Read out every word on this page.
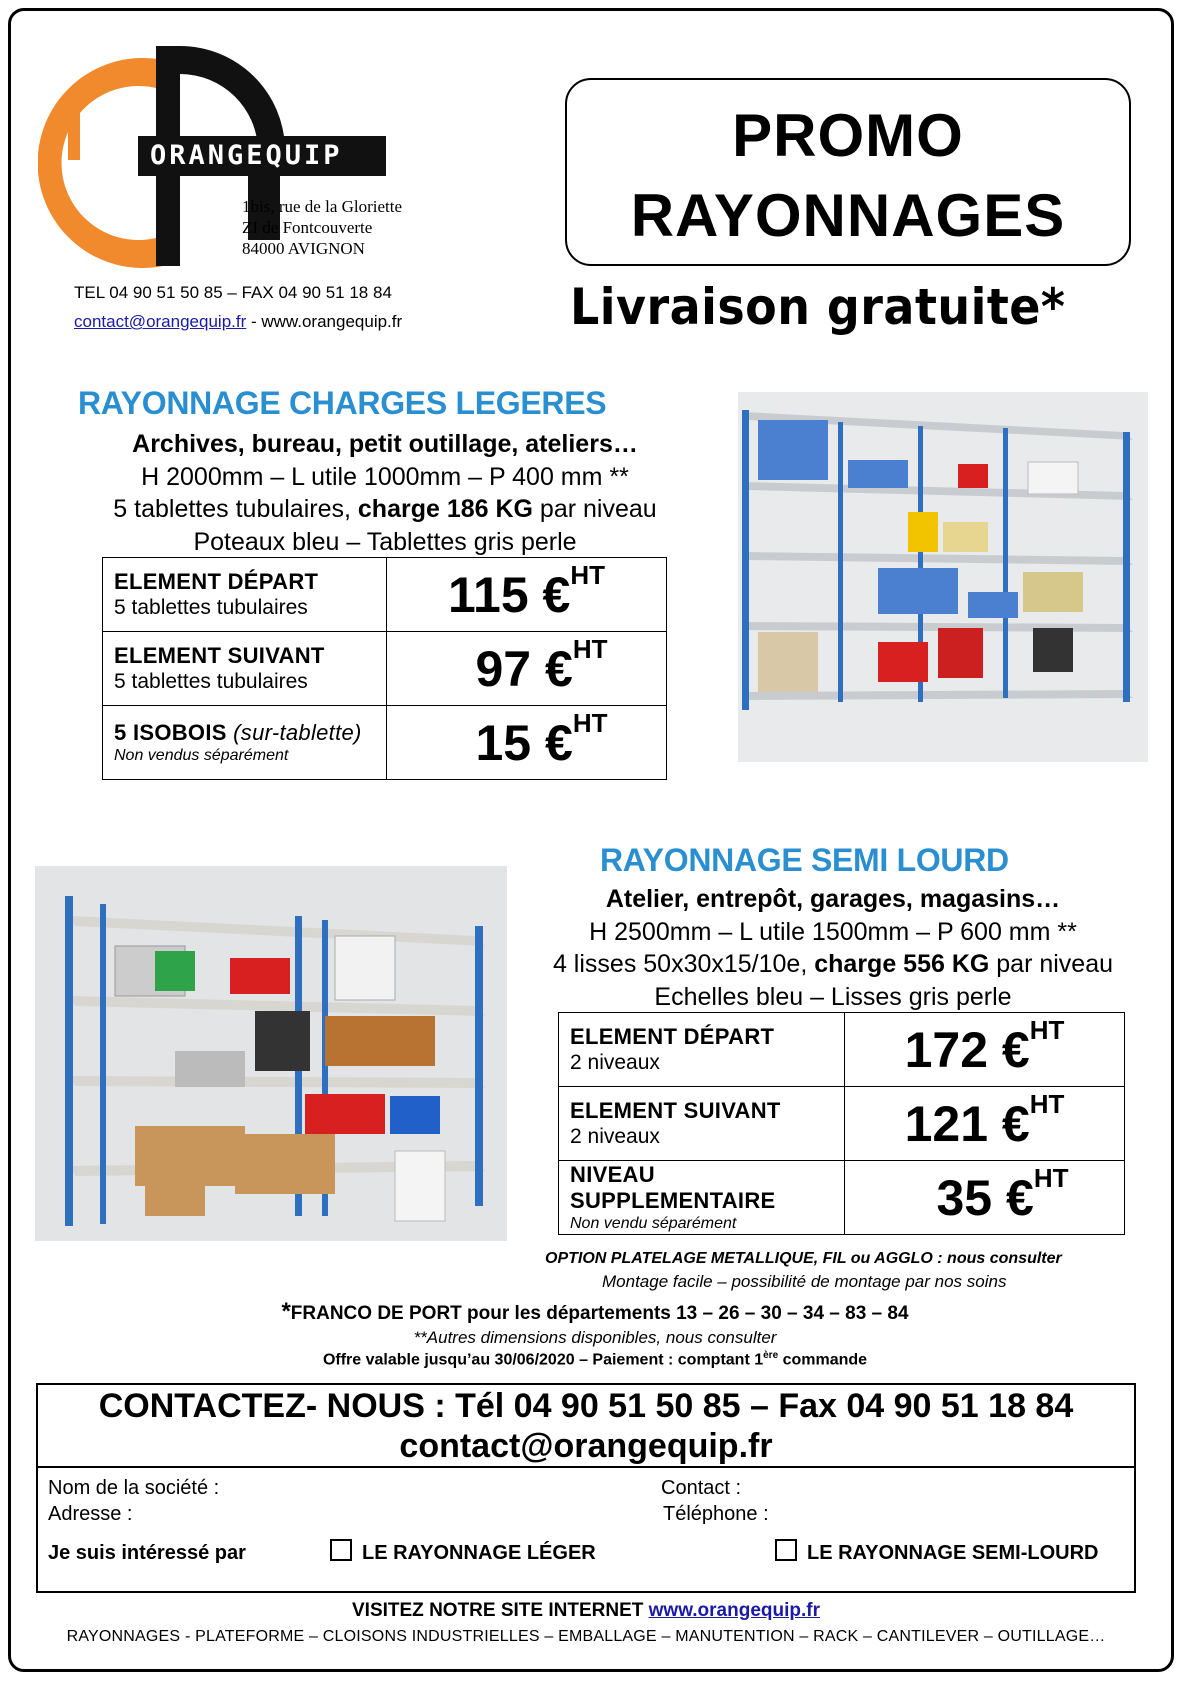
ORANGEQUIP
1bis, rue de la Gloriette
ZI de Fontcouverte
84000 AVIGNON
TEL 04 90 51 50 85 – FAX 04 90 51 18 84
contact@orangequip.fr - www.orangequip.fr
PROMO
RAYONNAGES
Livraison gratuite*
RAYONNAGE CHARGES LEGERES
Archives, bureau, petit outillage, ateliers…
H 2000mm – L utile 1000mm – P 400 mm **
5 tablettes tubulaires, charge 186 KG par niveau
Poteaux bleu – Tablettes gris perle
ELEMENT DÉPART
5 tablettes tubulaires	115 €$^{HT}$

ELEMENT SUIVANT
5 tablettes tubulaires	97 €$^{HT}$

5 ISOBOIS (sur-tablette)
Non vendus séparément	15 €$^{HT}$
RAYONNAGE SEMI LOURD
Atelier, entrepôt, garages, magasins…
H 2500mm – L utile 1500mm – P 600 mm **
4 lisses 50x30x15/10e, charge 556 KG par niveau
Echelles bleu – Lisses gris perle
ELEMENT DÉPART
2 niveaux	172 €$^{HT}$

ELEMENT SUIVANT
2 niveaux	121 €$^{HT}$

NIVEAU
SUPPLEMENTAIRE
Non vendu séparément	35 €$^{HT}$
OPTION PLATELAGE METALLIQUE, FIL ou AGGLO : nous consulter
Montage facile – possibilité de montage par nos soins
*FRANCO DE PORT pour les départements 13 – 26 – 30 – 34 – 83 – 84
**Autres dimensions disponibles, nous consulter
Offre valable jusqu’au 30/06/2020 – Paiement : comptant 1ère commande
CONTACTEZ- NOUS : Tél 04 90 51 50 85 – Fax 04 90 51 18 84
contact@orangequip.fr
Nom de la société :
Adresse :
Contact :
Téléphone :
Je suis intéressé par	LE RAYONNAGE LÉGER	LE RAYONNAGE SEMI-LOURD
VISITEZ NOTRE SITE INTERNET www.orangequip.fr
RAYONNAGES - PLATEFORME – CLOISONS INDUSTRIELLES – EMBALLAGE – MANUTENTION – RACK – CANTILEVER – OUTILLAGE…
